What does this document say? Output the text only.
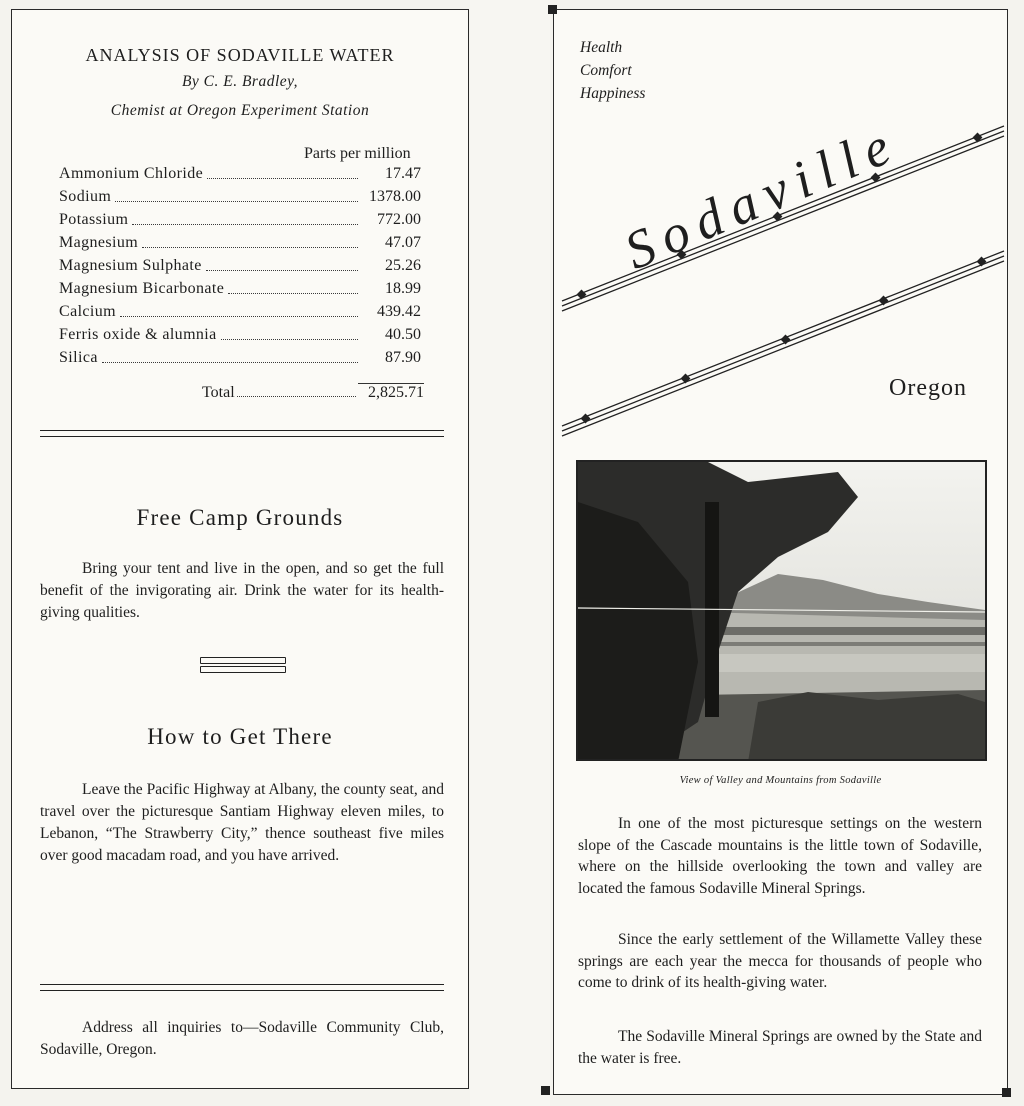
ANALYSIS OF SODAVILLE WATER
By C. E. Bradley,
Chemist at Oregon Experiment Station
Parts per million
Ammonium Chloride	17.47
Sodium	1378.00
Potassium	772.00
Magnesium	47.07
Magnesium Sulphate	25.26
Magnesium Bicarbonate	18.99
Calcium	439.42
Ferris oxide & alumnia	40.50
Silica	87.90
Total	2,825.71
Free Camp Grounds
Bring your tent and live in the open, and so get the full benefit of the invigorating air. Drink the water for its health-giving qualities.
How to Get There
Leave the Pacific Highway at Albany, the county seat, and travel over the picturesque Santiam Highway eleven miles, to Lebanon, “The Strawberry City,” thence southeast five miles over good macadam road, and you have arrived.
Address all inquiries to—Sodaville Community Club, Sodaville, Oregon.
Health
Comfort
Happiness
Sodaville
Oregon
View of Valley and Mountains from Sodaville
In one of the most picturesque settings on the western slope of the Cascade mountains is the little town of Sodaville, where on the hillside overlooking the town and valley are located the famous Sodaville Mineral Springs.
Since the early settlement of the Willamette Valley these springs are each year the mecca for thousands of people who come to drink of its health-giving water.
The Sodaville Mineral Springs are owned by the State and the water is free.
